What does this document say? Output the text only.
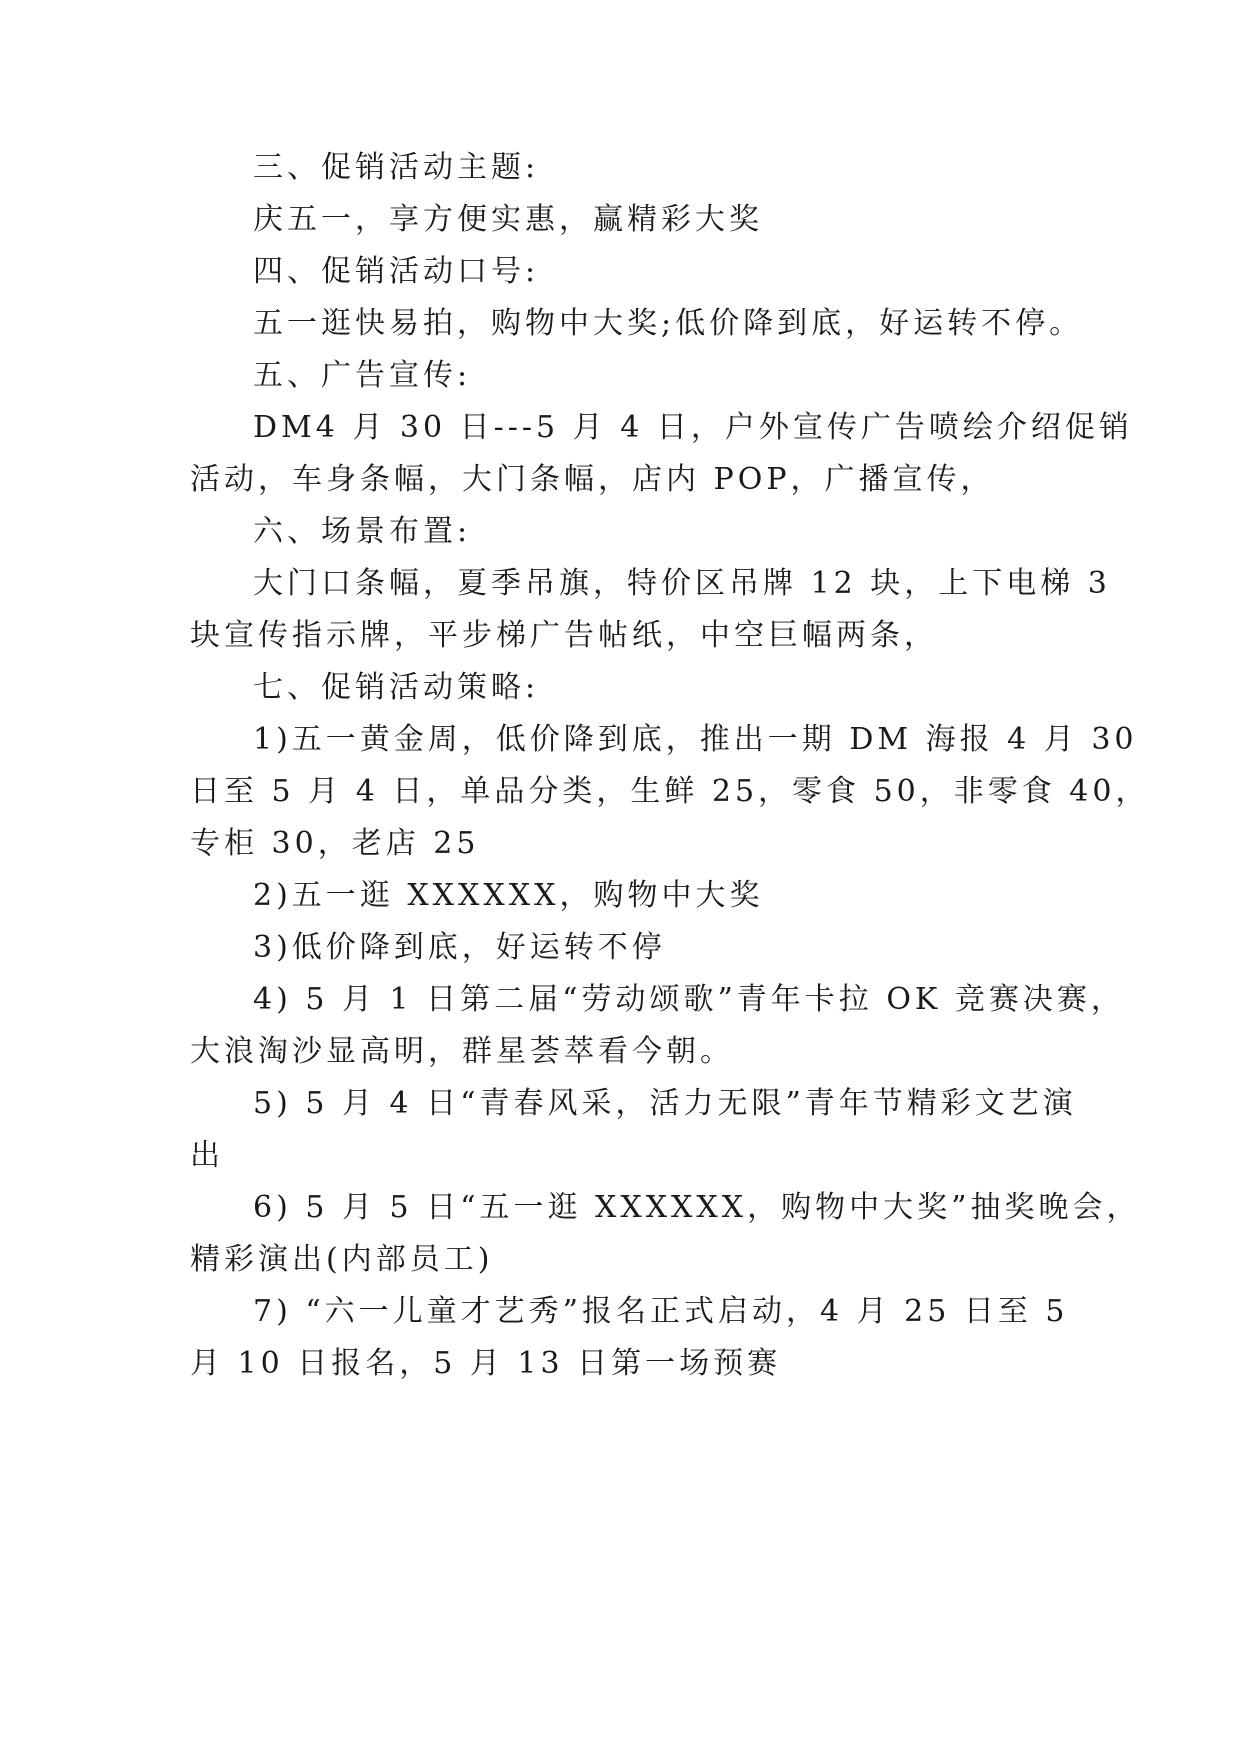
三、促销活动主题:
庆五一，享方便实惠，赢精彩大奖
四、促销活动口号:
五一逛快易拍，购物中大奖;低价降到底，好运转不停。
五、广告宣传:
DM4 月 30 日---5 月 4 日，户外宣传广告喷绘介绍促销
活动，车身条幅，大门条幅，店内 POP，广播宣传，
六、场景布置:
大门口条幅，夏季吊旗，特价区吊牌 12 块，上下电梯 3
块宣传指示牌，平步梯广告帖纸，中空巨幅两条，
七、促销活动策略:
1)五一黄金周，低价降到底，推出一期 DM 海报 4 月 30
日至 5 月 4 日，单品分类，生鲜 25，零食 50，非零食 40，
专柜 30，老店 25
2)五一逛 XXXXXX，购物中大奖
3)低价降到底，好运转不停
4) 5 月 1 日第二届“劳动颂歌”青年卡拉 OK 竞赛决赛，
大浪淘沙显高明，群星荟萃看今朝。
5) 5 月 4 日“青春风采，活力无限”青年节精彩文艺演
出
6) 5 月 5 日“五一逛 XXXXXX，购物中大奖”抽奖晚会，
精彩演出(内部员工)
7) “六一儿童才艺秀”报名正式启动，4 月 25 日至 5
月 10 日报名，5 月 13 日第一场预赛
